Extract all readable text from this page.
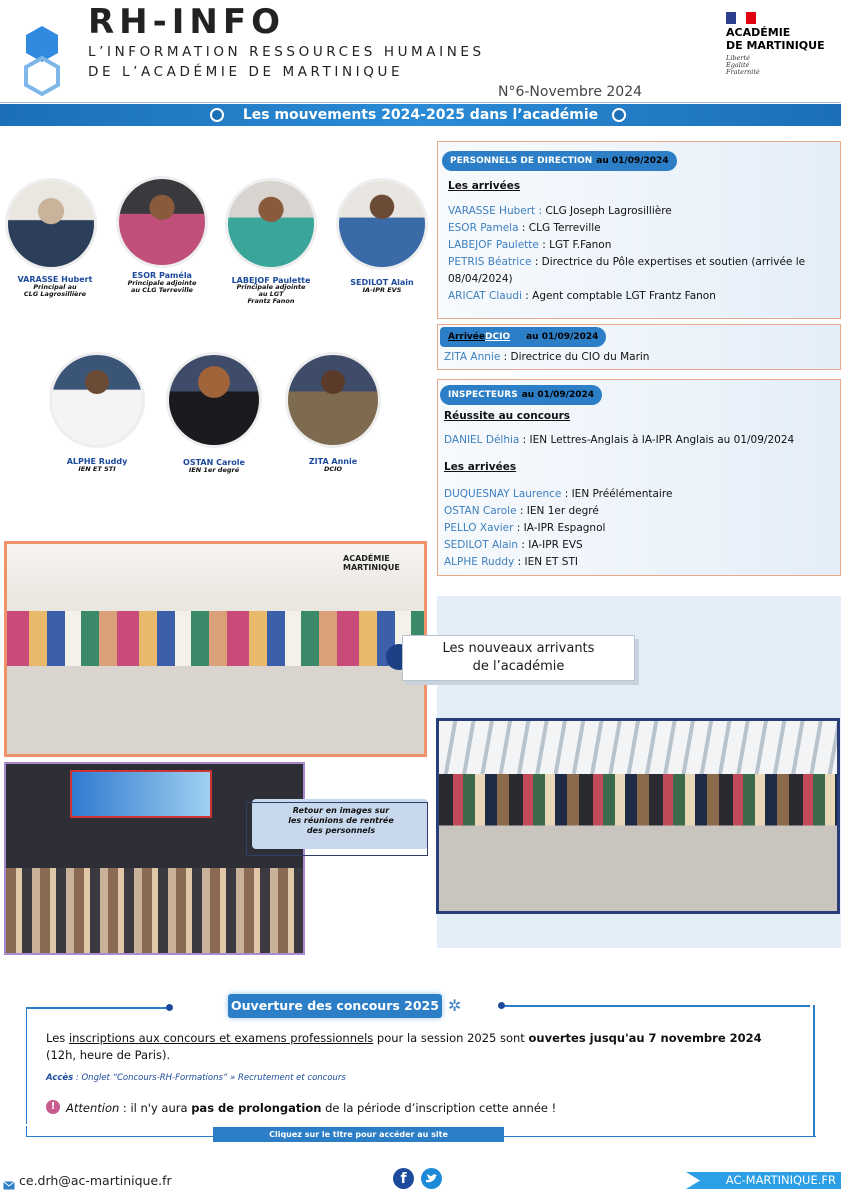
RH-INFO
L’INFORMATION RESSOURCES HUMAINES
DE L’ACADÉMIE DE MARTINIQUE
N°6-Novembre 2024
ACADÉMIE
DE MARTINIQUE
Liberté
Égalité
Fraternité
Les mouvements 2024-2025 dans l’académie
VARASSE Hubert
Principal au
CLG Lagrosillière
ESOR Paméla
Principale adjointe
au CLG Terreville
LABEJOF Paulette
Principale adjointe
au LGT
Frantz Fanon
SEDILOT Alain
IA-IPR EVS
ALPHE Ruddy
IEN ET STI
OSTAN Carole
IEN 1er degré
ZITA Annie
DCIO
PERSONNELS DE DIRECTION au 01/09/2024
Les arrivées
VARASSE Hubert : CLG Joseph Lagrosillière
ESOR Pamela : CLG Terreville
LABEJOF Paulette : LGT F.Fanon
PETRIS Béatrice : Directrice du Pôle expertises et soutien (arrivée le
08/04/2024)
ARICAT Claudi : Agent comptable LGT Frantz Fanon
ArrivéeDCIO au 01/09/2024
ZITA Annie : Directrice du CIO du Marin
INSPECTEURS au 01/09/2024
Réussite au concours
DANIEL Délhia : IEN Lettres-Anglais à IA-IPR Anglais au 01/09/2024
Les arrivées
DUQUESNAY Laurence : IEN Préélémentaire
OSTAN Carole : IEN 1er degré
PELLO Xavier : IA-IPR Espagnol
SEDILOT Alain : IA-IPR EVS
ALPHE Ruddy : IEN ET STI
ACADÉMIE
MARTINIQUE
Les nouveaux arrivants
de l’académie
Retour en images sur
les réunions de rentrée
des personnels
Ouverture des concours 2025 ✲
Les inscriptions aux concours et examens professionnels pour la session 2025 sont ouvertes jusqu'au 7 novembre 2024
(12h, heure de Paris).
Accès : Onglet “Concours-RH-Formations” » Recrutement et concours
! Attention : il n'y aura pas de prolongation de la période d’inscription cette année !
Cliquez sur le titre pour accéder au site
ce.drh@ac-martinique.fr	f	AC-MARTINIQUE.FR
